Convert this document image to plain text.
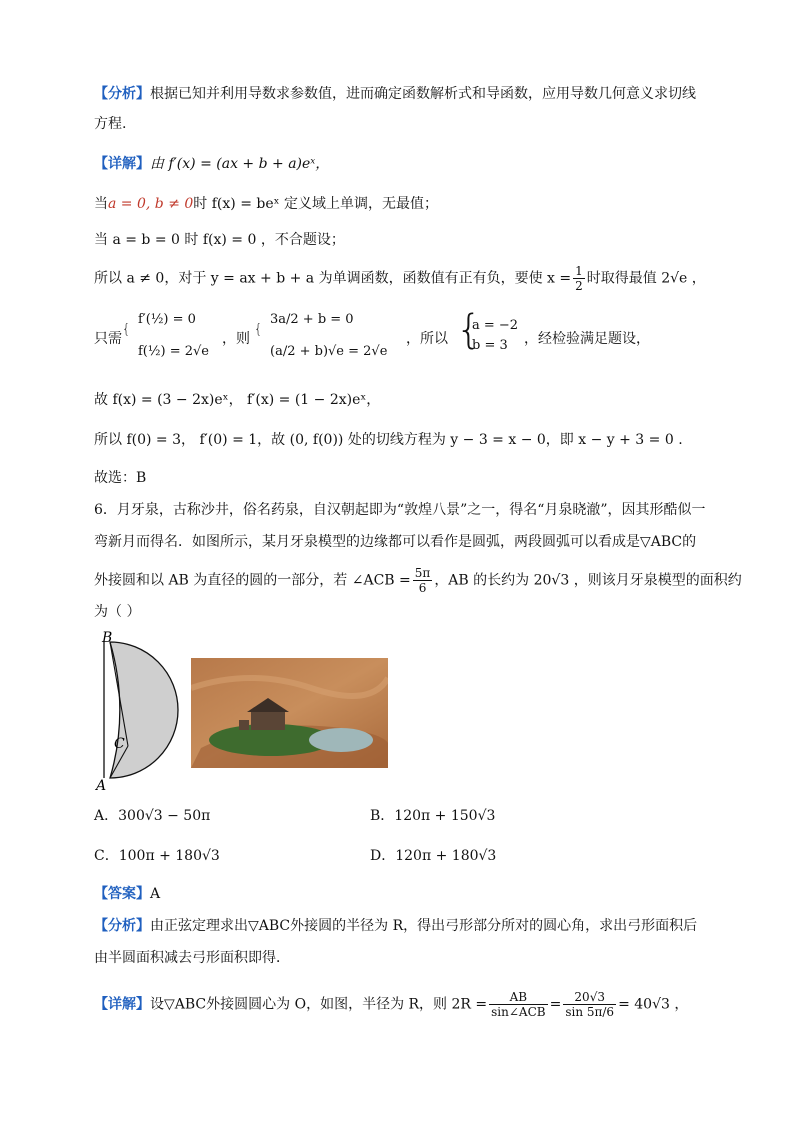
【分析】根据已知并利用导数求参数值，进而确定函数解析式和导函数，应用导数几何意义求切线
方程.
【详解】由 f′(x) = (ax + b + a)eˣ，
当a = 0, b ≠ 0时 f(x) = beˣ 定义域上单调，无最值；
当 a = b = 0 时 f(x) = 0 ，不合题设；
所以 a ≠ 0，对于 y = ax + b + a 为单调函数，函数值有正有负，要使 $x = \frac{1}{2}$ 时取得最值 2√e ，
只需
{
f′(½) = 0
f(½) = 2√e
，则
{
3a/2 + b = 0
(a/2 + b)√e = 2√e
，所以 {
a = −2
b = 3 ，经检验满足题设，
故 f(x) = (3 − 2x)eˣ， f′(x) = (1 − 2x)eˣ，
所以 f(0) = 3， f′(0) = 1，故 (0, f(0)) 处的切线方程为 y − 3 = x − 0，即 x − y + 3 = 0 .
故选：B
6．月牙泉，古称沙井，俗名药泉，自汉朝起即为“敦煌八景”之一，得名“月泉晓澈”，因其形酷似一
弯新月而得名．如图所示，某月牙泉模型的边缘都可以看作是圆弧，两段圆弧可以看成是▽ABC的
外接圆和以 AB 为直径的圆的一部分，若 ∠ACB = $\frac{5\pi}{6}$ ，AB 的长约为 20√3 ，则该月牙泉模型的面积约
为（ ）
B
C
A
A．300√3 − 50π	B．120π + 150√3
C．100π + 180√3	D．120π + 180√3
【答案】A
【分析】由正弦定理求出▽ABC外接圆的半径为 R，得出弓形部分所对的圆心角，求出弓形面积后
由半圆面积减去弓形面积即得．
【详解】设▽ABC外接圆圆心为 O，如图，半径为 R，则 $2R = \frac{AB}{\text{sin∠ACB}} = \frac{20√3}{\sin 5\pi/6} = 40√3$ ，
